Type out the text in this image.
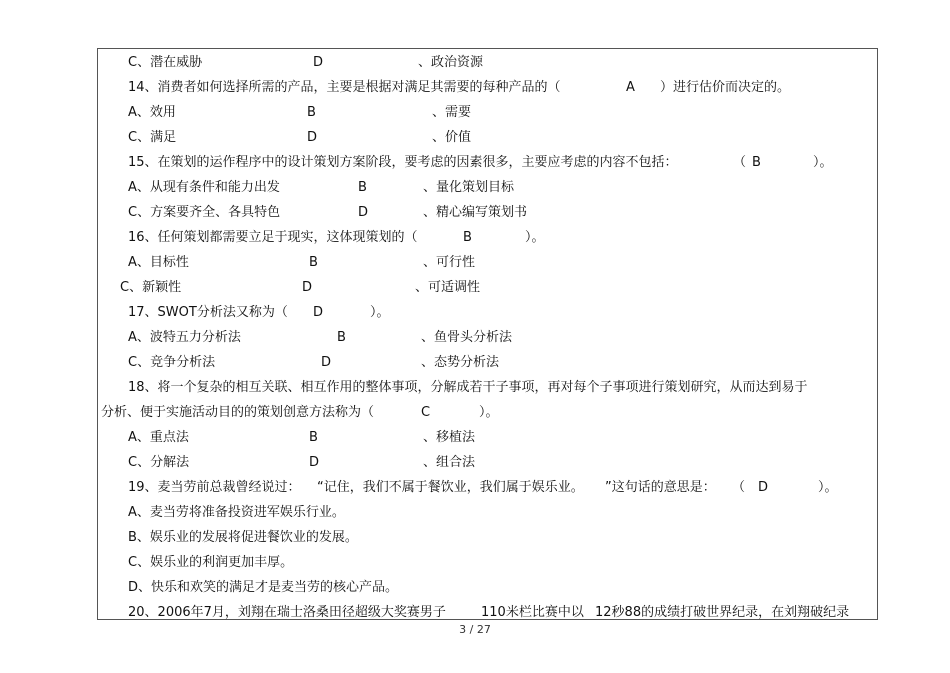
C、潜在威胁	D	、政治资源
14、消费者如何选择所需的产品，主要是根据对满足其需要的每种产品的（	A ）进行估价而决定的。
A、效用	B	、需要
C、满足	D	、价值
15、在策划的运作程序中的设计策划方案阶段，要考虑的因素很多，主要应考虑的内容不包括：	（ B	）。
A、从现有条件和能力出发	B	、量化策划目标
C、方案要齐全、各具特色	D	、精心编写策划书
16、任何策划都需要立足于现实，这体现策划的（	B	）。
A、目标性	B	、可行性
C、新颖性	D	、可适调性
17、SWOT分析法又称为（ D	）。
A、波特五力分析法	B	、鱼骨头分析法
C、竞争分析法	D	、态势分析法
18、将一个复杂的相互关联、相互作用的整体事项，分解成若干子事项，再对每个子事项进行策划研究，从而达到易于
分析、便于实施活动目的的策划创意方法称为（	C	）。
A、重点法	B	、移植法
C、分解法	D	、组合法
19、麦当劳前总裁曾经说过： “记住，我们不属于餐饮业，我们属于娱乐业。 ”这句话的意思是： （ D	）。
A、麦当劳将准备投资进军娱乐行业。
B、娱乐业的发展将促进餐饮业的发展。
C、娱乐业的利润更加丰厚。
D、快乐和欢笑的满足才是麦当劳的核心产品。
20、2006年7月，刘翔在瑞士洛桑田径超级大奖赛男子	110米栏比赛中以 12秒88的成绩打破世界纪录，在刘翔破纪录
3 / 27
